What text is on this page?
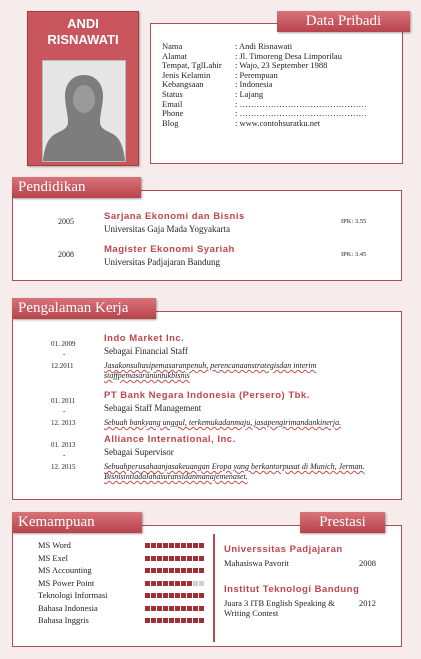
ANDI
RISNAWATI	Nama	: Andi Risnawati
Alamat	: Jl. Timoreng Desa Limporilau
Tempat, TglLahir : Wajo, 23 September 1988
Jenis Kelamin	: Perempuan
Kebangsaan	: Indonesia
Status	: Lajang
Email	: ………………………………………
Phone	: ………………………………………
Blog	: www.contohsuratku.net
Data Pribadi
2005	Sarjana Ekonomi dan Bisnis
Universitas Gaja Mada Yogyakarta
IPK: 3.55
2008	Magister Ekonomi Syariah
Universitas Padjajaran Bandung
IPK: 3.45
Pendidikan
01. 2009
-
12.2011
Indo Market Inc.
Sebagai Financial Staff
Jasakonsultasipemasaranpenuh, perencanaanstrategisdan interim staffpemasaranuntukbisnis
01. 2011
-
12. 2013
PT Bank Negara Indonesia (Persero) Tbk.
Sebagai Staff Management
Sebuah bankyang unggul, terkemukadanmaju, jasapengirimandankinerja.
01. 2013
-
12. 2015
Alliance International, Inc.
Sebagai Supervisor
Sebuahperusahaanjasakeuangan Eropa yang berkantorpusat di Munich, Jerman. Bisnisintiadalahasuransidanmanajemenaset.
Pengalaman Kerja
MS Word
MS Exel
MS Accounting
MS Power Point
Teknologi Informasi
Bahasa Indonesia
Bahasa Inggris
Universsitas Padjajaran
Mahasiswa Pavorit	2008
Institut Teknologi Bandung
Juara 3 ITB English Speaking & Writing Contest
2012
Kemampuan	Prestasi
